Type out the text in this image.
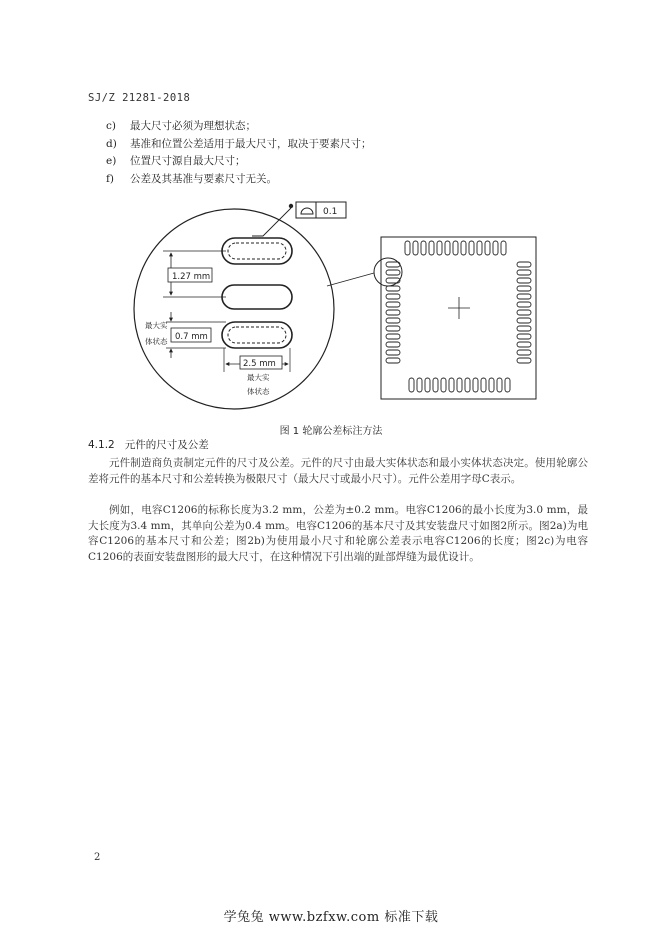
SJ/Z 21281-2018
c) 最大尺寸必须为理想状态；
d) 基准和位置公差适用于最大尺寸，取决于要素尺寸；
e) 位置尺寸源自最大尺寸；
f) 公差及其基准与要素尺寸无关。
0.1
1.27 mm
0.7 mm
最大实
体状态
2.5 mm
最大实
体状态
图 1 轮廓公差标注方法
4.1.2 元件的尺寸及公差
元件制造商负责制定元件的尺寸及公差。元件的尺寸由最大实体状态和最小实体状态决定。使用轮廓公差将元件的基本尺寸和公差转换为极限尺寸（最大尺寸或最小尺寸）。元件公差用字母C表示。
例如，电容C1206的标称长度为3.2 mm，公差为±0.2 mm。电容C1206的最小长度为3.0 mm，最大长度为3.4 mm，其单向公差为0.4 mm。电容C1206的基本尺寸及其安装盘尺寸如图2所示。图2a)为电容C1206的基本尺寸和公差；图2b)为使用最小尺寸和轮廓公差表示电容C1206的长度；图2c)为电容C1206的表面安装盘图形的最大尺寸，在这种情况下引出端的趾部焊缝为最优设计。
2
学兔兔 www.bzfxw.com 标准下载
